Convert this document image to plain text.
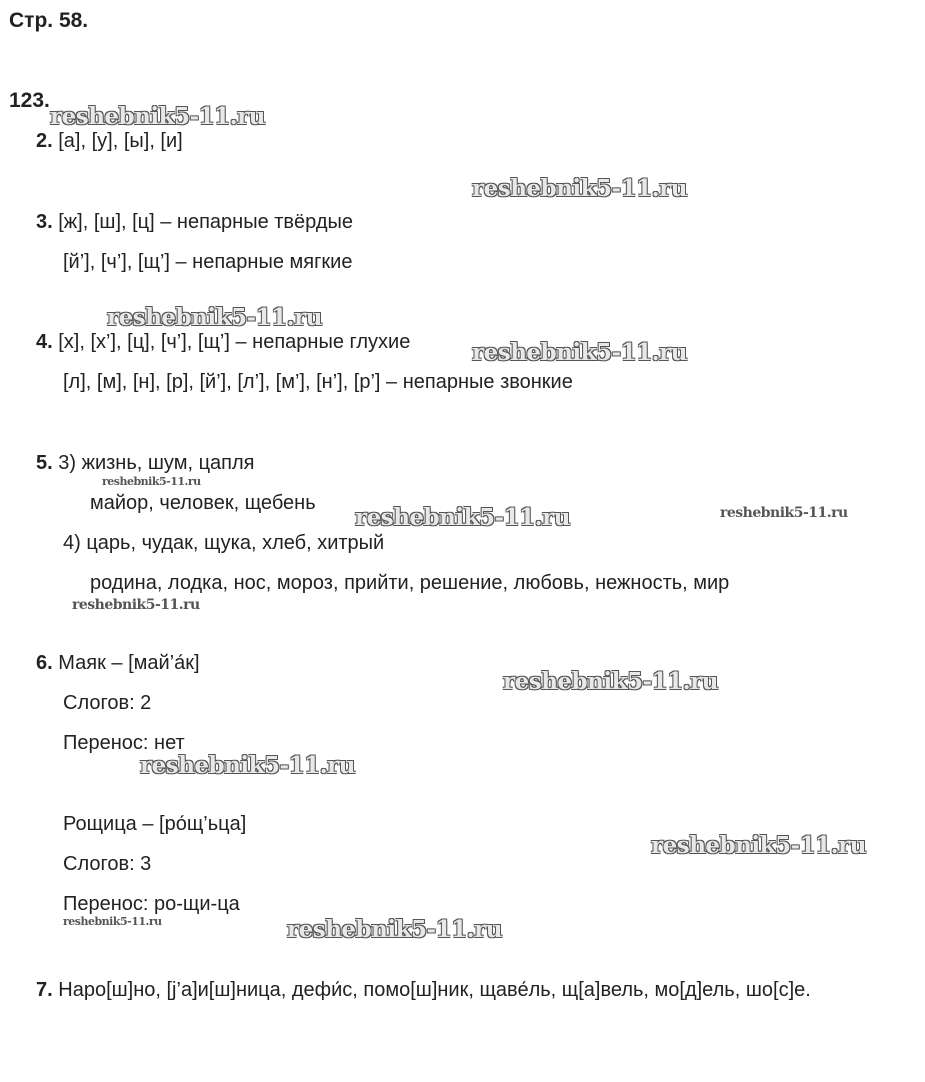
Стр. 58.
123.
2. [а], [у], [ы], [и]
3. [ж], [ш], [ц] – непарные твёрдые
[й’], [ч’], [щ’] – непарные мягкие
4. [х], [х’], [ц], [ч’], [щ’] – непарные глухие
[л], [м], [н], [р], [й’], [л’], [м’], [н’], [р’] – непарные звонкие
5. 3) жизнь, шум, цапля
майор, человек, щебень
4) царь, чудак, щука, хлеб, хитрый
родина, лодка, нос, мороз, прийти, решение, любовь, нежность, мир
6. Маяк – [май’а́к]
Слогов: 2
Перенос: нет
Рощица – [ро́щ’ьца]
Слогов: 3
Перенос: ро-щи-ца
7. Наро[ш]но, [j’а]и[ш]ница, дефи́с, помо[ш]ник, щаве́ль, щ[а]вель, мо[д]ель, шо[с]е.
reshebnik5-11.ru
reshebnik5-11.ru
reshebnik5-11.ru
reshebnik5-11.ru
reshebnik5-11.ru
reshebnik5-11.ru	reshebnik5-11.ru
reshebnik5-11.ru
reshebnik5-11.ru
reshebnik5-11.ru
reshebnik5-11.ru
reshebnik5-11.ru	reshebnik5-11.ru
